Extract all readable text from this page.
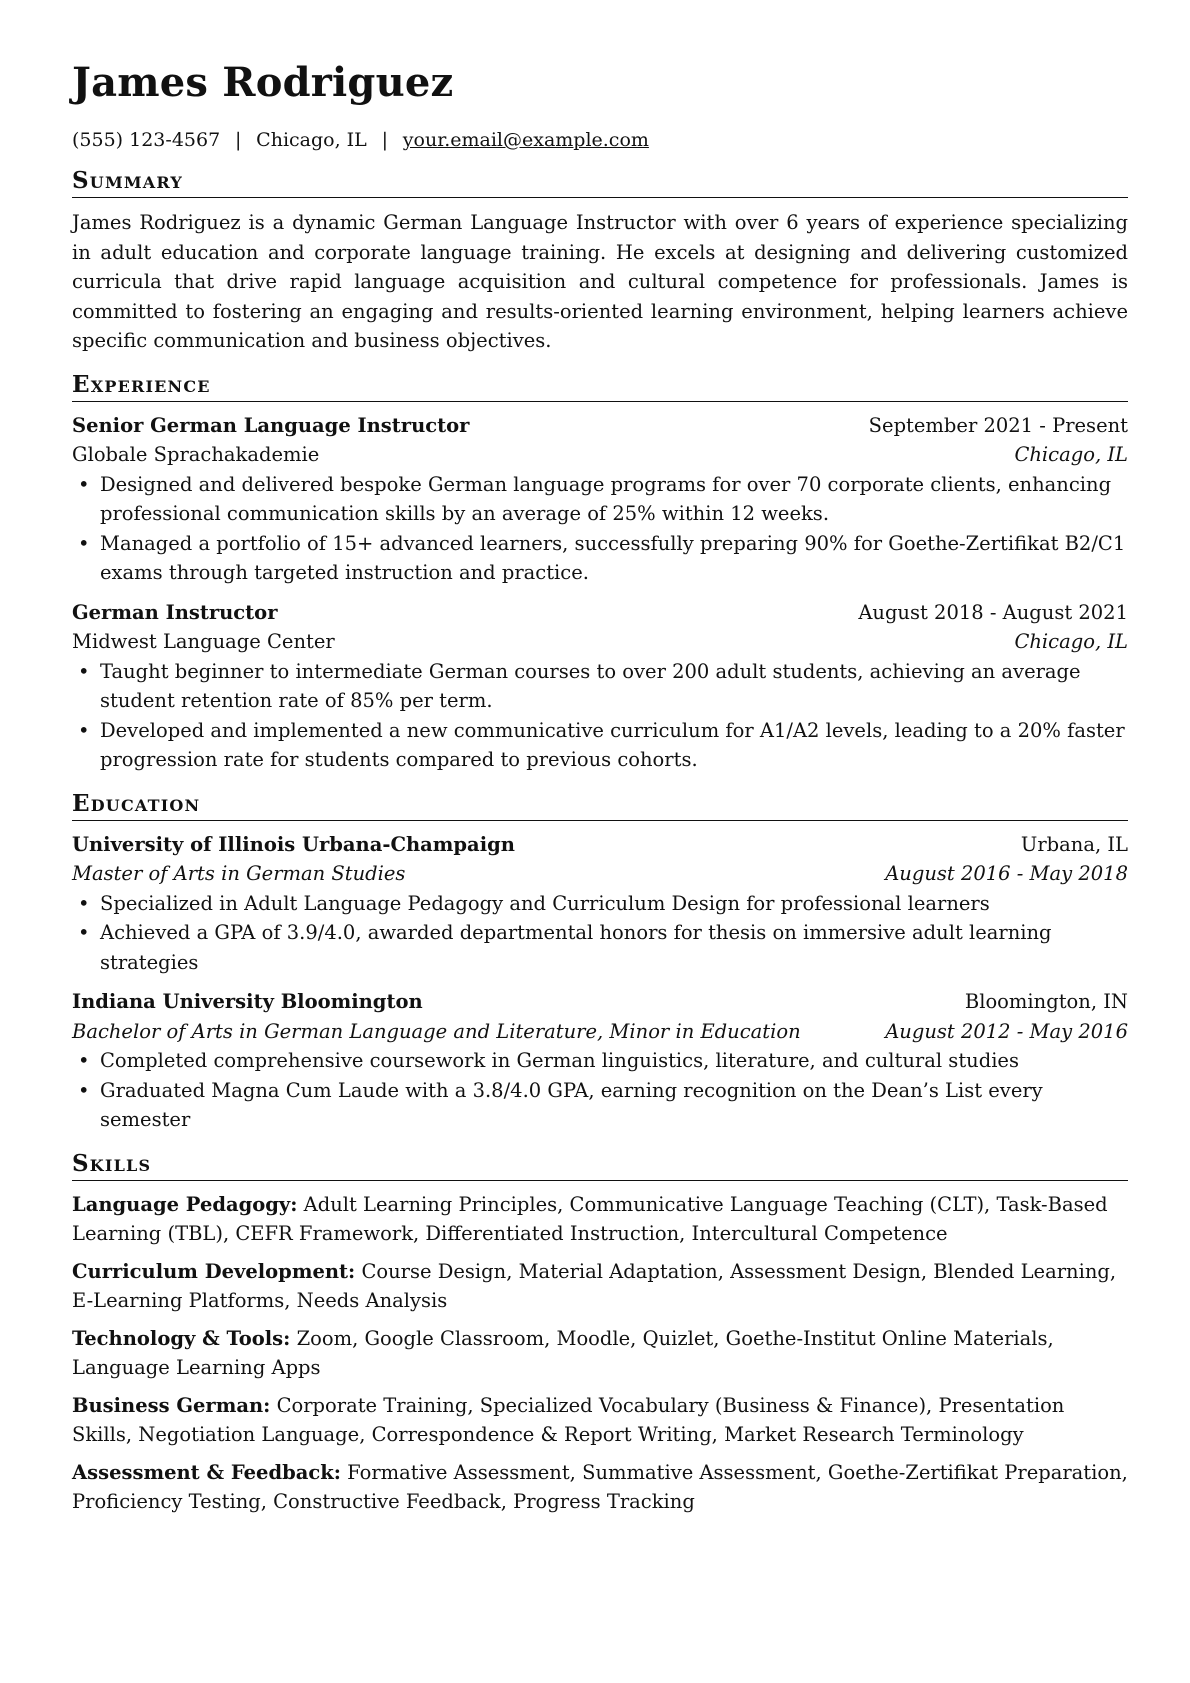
James Rodriguez
(555) 123-4567 | Chicago, IL | your.email@example.com
Summary
James Rodriguez is a dynamic German Language Instructor with over 6 years of experience specializing in adult education and corporate language training. He excels at designing and delivering customized curricula that drive rapid language acquisition and cultural competence for professionals. James is committed to fostering an engaging and results-oriented learning environment, helping learners achieve specific communication and business objectives.
Experience
Senior German Language Instructor	September 2021 - Present
Globale Sprachakademie	Chicago, IL
• Designed and delivered bespoke German language programs for over 70 corporate clients, enhancing professional communication skills by an average of 25% within 12 weeks.
• Managed a portfolio of 15+ advanced learners, successfully preparing 90% for Goethe-Zertifikat B2/C1 exams through targeted instruction and practice.
German Instructor	August 2018 - August 2021
Midwest Language Center	Chicago, IL
• Taught beginner to intermediate German courses to over 200 adult students, achieving an average student retention rate of 85% per term.
• Developed and implemented a new communicative curriculum for A1/A2 levels, leading to a 20% faster progression rate for students compared to previous cohorts.
Education
University of Illinois Urbana-Champaign	Urbana, IL
Master of Arts in German Studies	August 2016 - May 2018
• Specialized in Adult Language Pedagogy and Curriculum Design for professional learners
• Achieved a GPA of 3.9/4.0, awarded departmental honors for thesis on immersive adult learning strategies
Indiana University Bloomington	Bloomington, IN
Bachelor of Arts in German Language and Literature, Minor in Education	August 2012 - May 2016
• Completed comprehensive coursework in German linguistics, literature, and cultural studies
• Graduated Magna Cum Laude with a 3.8/4.0 GPA, earning recognition on the Dean’s List every semester
Skills
Language Pedagogy: Adult Learning Principles, Communicative Language Teaching (CLT), Task-Based Learning (TBL), CEFR Framework, Differentiated Instruction, Intercultural Competence
Curriculum Development: Course Design, Material Adaptation, Assessment Design, Blended Learning, E-Learning Platforms, Needs Analysis
Technology & Tools: Zoom, Google Classroom, Moodle, Quizlet, Goethe-Institut Online Materials, Language Learning Apps
Business German: Corporate Training, Specialized Vocabulary (Business & Finance), Presentation Skills, Negotiation Language, Correspondence & Report Writing, Market Research Terminology
Assessment & Feedback: Formative Assessment, Summative Assessment, Goethe-Zertifikat Preparation, Proficiency Testing, Constructive Feedback, Progress Tracking
